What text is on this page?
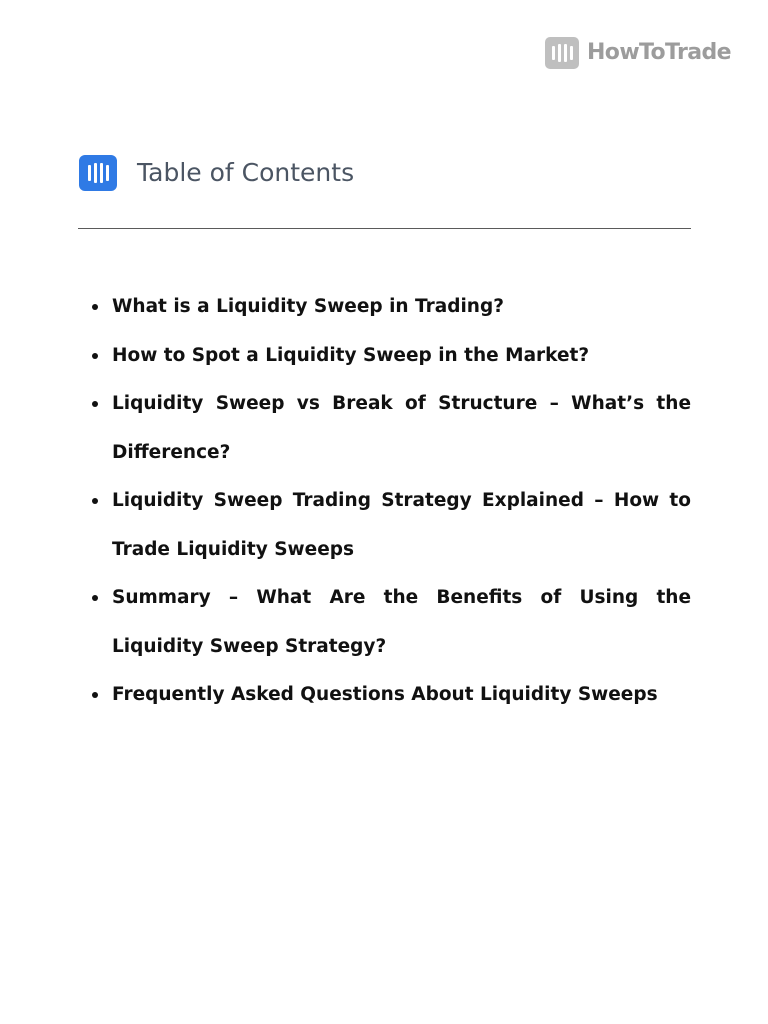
HowToTrade
Table of Contents
What is a Liquidity Sweep in Trading?
How to Spot a Liquidity Sweep in the Market?
Liquidity Sweep vs Break of Structure – What’s the Difference?
Liquidity Sweep Trading Strategy Explained – How to Trade Liquidity Sweeps
Summary – What Are the Benefits of Using the Liquidity Sweep Strategy?
Frequently Asked Questions About Liquidity Sweeps
